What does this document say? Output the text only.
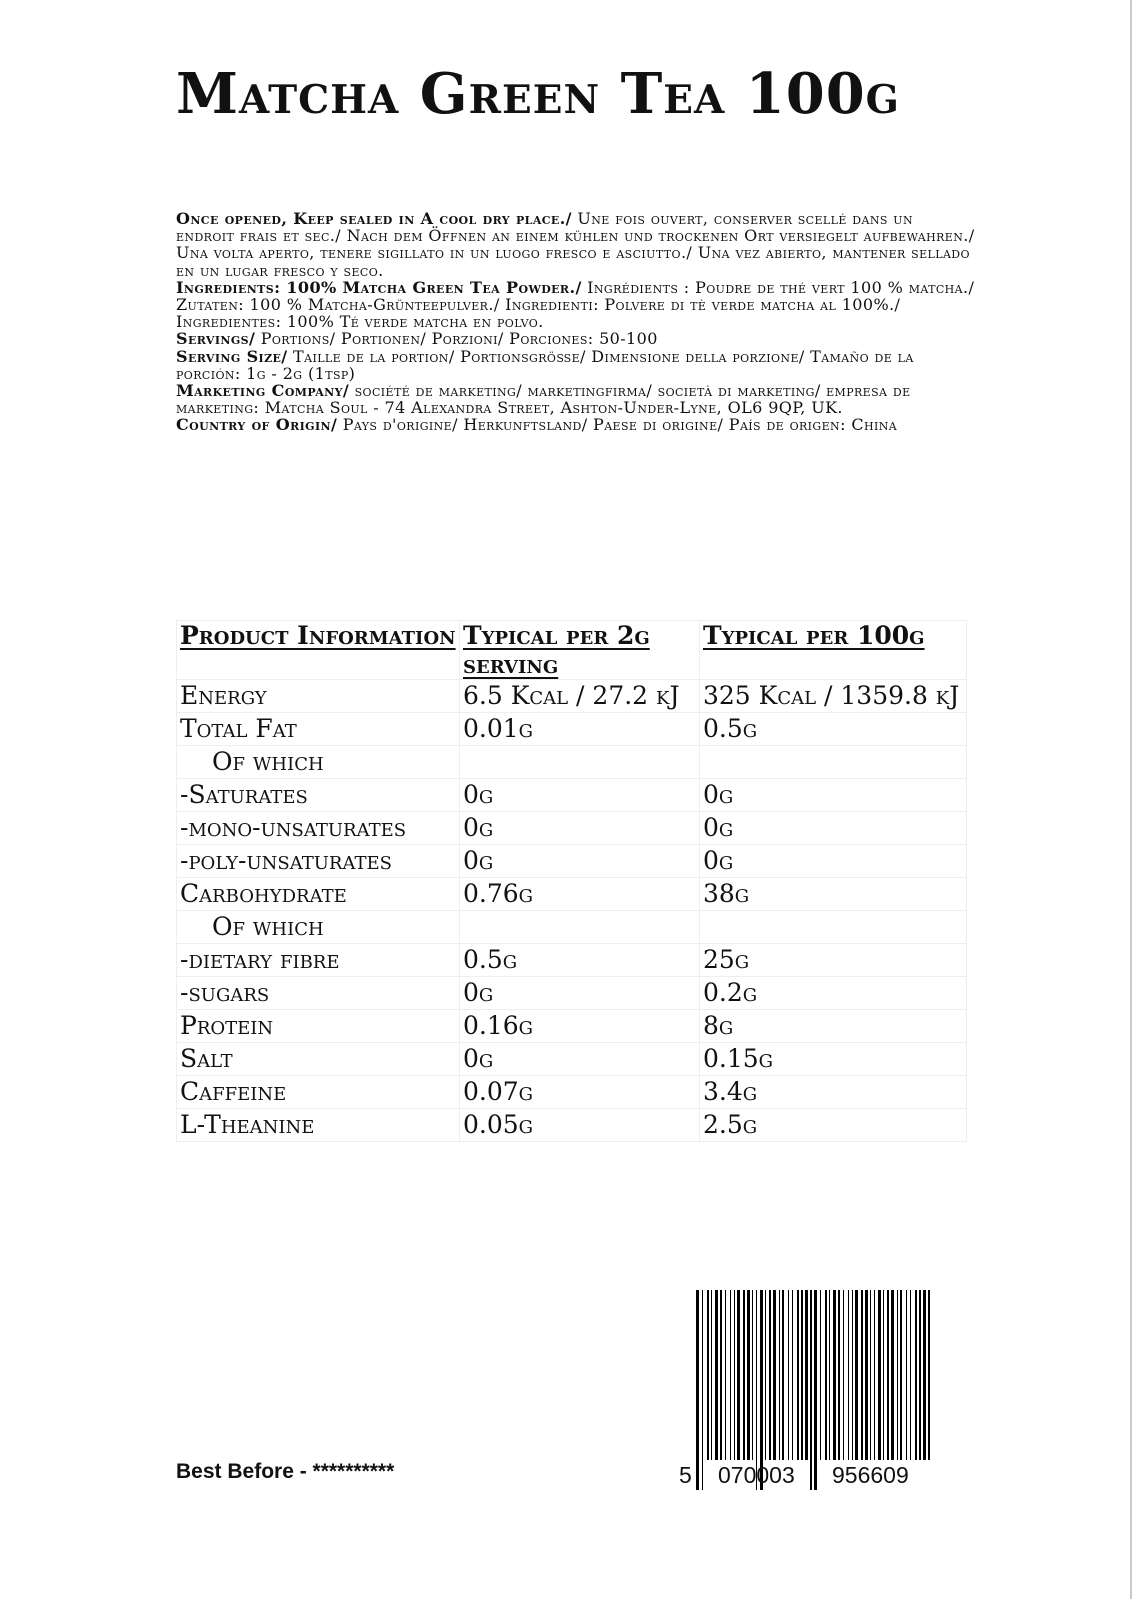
Matcha Green Tea 100g

Once opened, Keep sealed in A cool dry place./ Une fois ouvert, conserver scellé dans un endroit frais et sec./ Nach dem Öffnen an einem kühlen und trockenen Ort versiegelt aufbewahren./ Una volta aperto, tenere sigillato in un luogo fresco e asciutto./ Una vez abierto, mantener sellado en un lugar fresco y seco.

Ingredients: 100% Matcha Green Tea Powder./ Ingrédients : Poudre de thé vert 100 % matcha./ Zutaten: 100 % Matcha-Grünteepulver./ Ingredienti: Polvere di tè verde matcha al 100%./ Ingredientes: 100% Té verde matcha en polvo.

Servings/ Portions/ Portionen/ Porzioni/ Porciones: 50-100

Serving Size/ Taille de la portion/ Portionsgröße/ Dimensione della porzione/ Tamaño de la porción: 1g - 2g (1tsp)

Marketing Company/ société de marketing/ marketingfirma/ società di marketing/ empresa de marketing: Matcha Soul - 74 Alexandra Street, Ashton-Under-Lyne, OL6 9QP, UK.

Country of Origin/ Pays d'origine/ Herkunftsland/ Paese di origine/ País de origen: China

Product Information	Typical per 2g serving	Typical per 100g
Energy	6.5 Kcal / 27.2 kJ	325 Kcal / 1359.8 kJ
Total Fat	0.01g	0.5g
Of which		
-Saturates	0g	0g
-mono-unsaturates	0g	0g
-poly-unsaturates	0g	0g
Carbohydrate	0.76g	38g
Of which		
-dietary fibre	0.5g	25g
-sugars	0g	0.2g
Protein	0.16g	8g
Salt	0g	0.15g
Caffeine	0.07g	3.4g
L-Theanine	0.05g	2.5g
Best Before - **********	5 070003 956609
